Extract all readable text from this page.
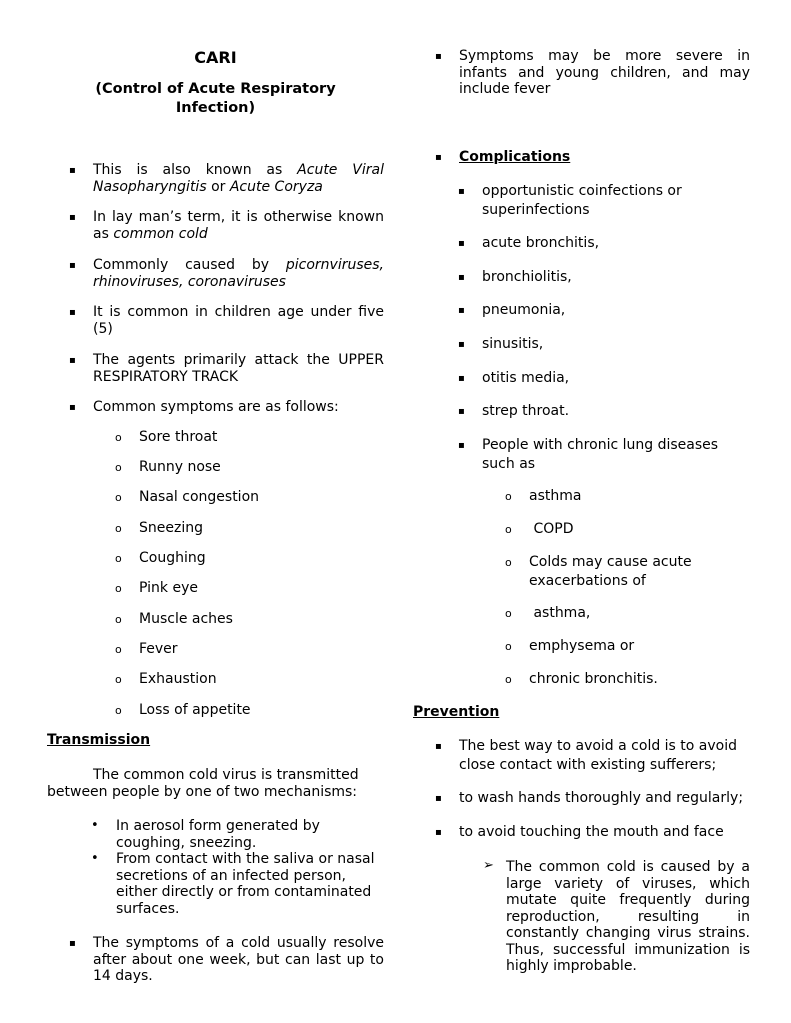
CARI
(Control of Acute Respiratory Infection)
▪ This is also known as Acute Viral Nasopharyngitis or Acute Coryza
▪ In lay man’s term, it is otherwise known as common cold
▪ Commonly caused by picornviruses, rhinoviruses, coronaviruses
▪ It is common in children age under five (5)
▪ The agents primarily attack the UPPER RESPIRATORY TRACK
▪ Common symptoms are as follows:
o Sore throat
o Runny nose
o Nasal congestion
o Sneezing
o Coughing
o Pink eye
o Muscle aches
o Fever
o Exhaustion
o Loss of appetite
Transmission
The common cold virus is transmitted between people by one of two mechanisms:
• In aerosol form generated by coughing, sneezing.
• From contact with the saliva or nasal secretions of an infected person, either directly or from contaminated surfaces.
▪ The symptoms of a cold usually resolve after about one week, but can last up to 14 days.
▪ Symptoms may be more severe in infants and young children, and may include fever
▪ Complications
▪ opportunistic coinfections or superinfections
▪ acute bronchitis,
▪ bronchiolitis,
▪ pneumonia,
▪ sinusitis,
▪ otitis media,
▪ strep throat.
▪ People with chronic lung diseases such as
o asthma
o COPD
o Colds may cause acute exacerbations of
o asthma,
o emphysema or
o chronic bronchitis.
Prevention
▪ The best way to avoid a cold is to avoid close contact with existing sufferers;
▪ to wash hands thoroughly and regularly;
▪ to avoid touching the mouth and face
➢ The common cold is caused by a large variety of viruses, which mutate quite frequently during reproduction, resulting in constantly changing virus strains. Thus, successful immunization is highly improbable.
